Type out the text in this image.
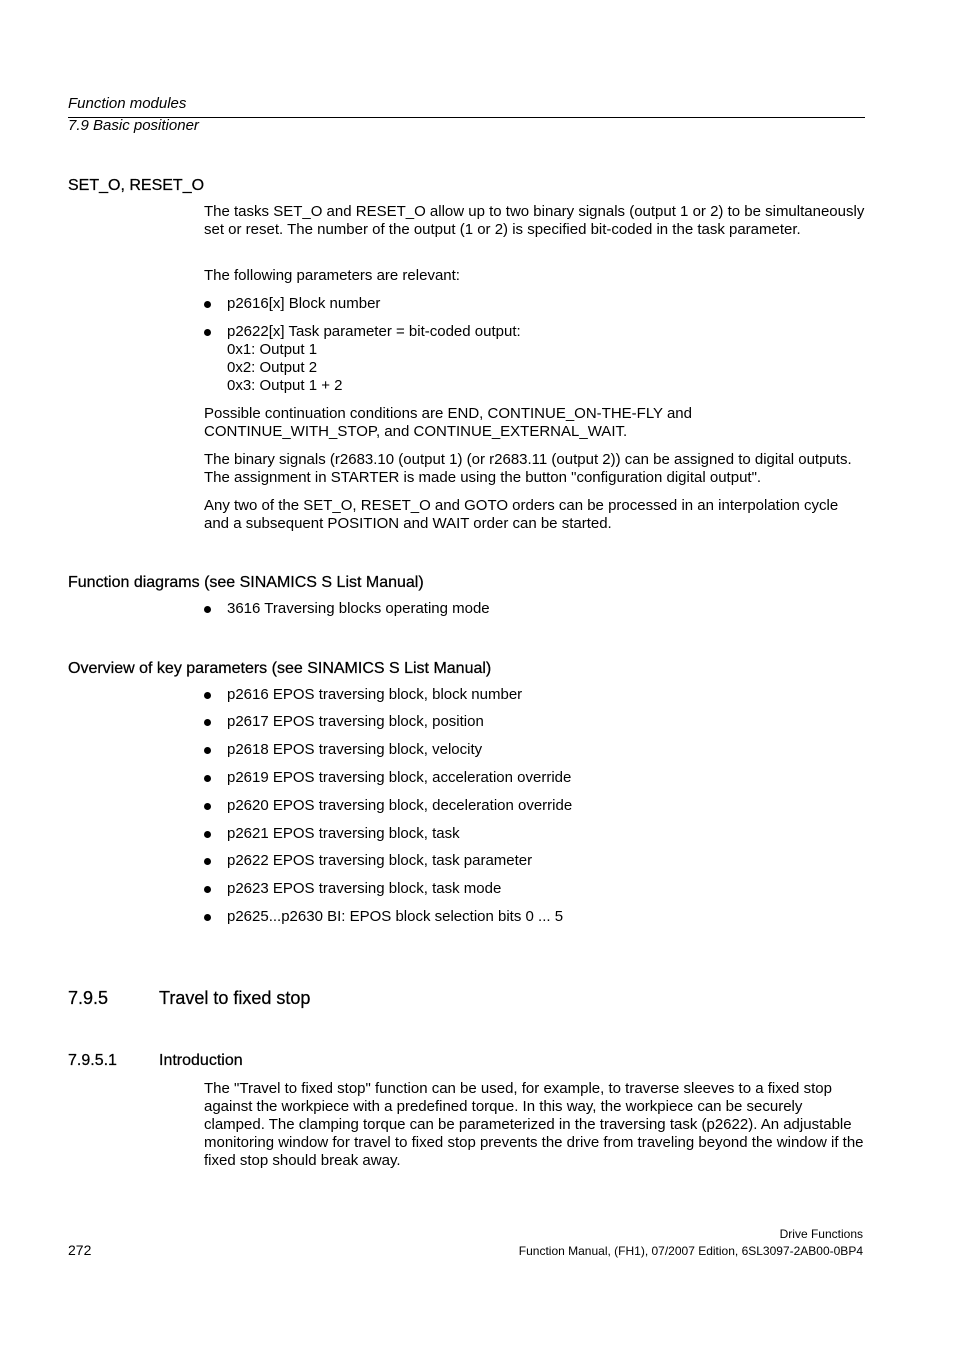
Function modules
7.9 Basic positioner
SET_O, RESET_O
The tasks SET_O and RESET_O allow up to two binary signals (output 1 or 2) to be simultaneously set or reset. The number of the output (1 or 2) is specified bit-coded in the task parameter.
The following parameters are relevant:
p2616[x] Block number
p2622[x] Task parameter = bit-coded output:
0x1: Output 1
0x2: Output 2
0x3: Output 1 + 2
Possible continuation conditions are END, CONTINUE_ON-THE-FLY and CONTINUE_WITH_STOP, and CONTINUE_EXTERNAL_WAIT.
The binary signals (r2683.10 (output 1) (or r2683.11 (output 2)) can be assigned to digital outputs. The assignment in STARTER is made using the button "configuration digital output".
Any two of the SET_O, RESET_O and GOTO orders can be processed in an interpolation cycle and a subsequent POSITION and WAIT order can be started.
Function diagrams (see SINAMICS S List Manual)
3616 Traversing blocks operating mode
Overview of key parameters (see SINAMICS S List Manual)
p2616 EPOS traversing block, block number
p2617 EPOS traversing block, position
p2618 EPOS traversing block, velocity
p2619 EPOS traversing block, acceleration override
p2620 EPOS traversing block, deceleration override
p2621 EPOS traversing block, task
p2622 EPOS traversing block, task parameter
p2623 EPOS traversing block, task mode
p2625...p2630 BI: EPOS block selection bits 0 ... 5
7.9.5	Travel to fixed stop
7.9.5.1	Introduction
The "Travel to fixed stop" function can be used, for example, to traverse sleeves to a fixed stop against the workpiece with a predefined torque. In this way, the workpiece can be securely clamped. The clamping torque can be parameterized in the traversing task (p2622). An adjustable monitoring window for travel to fixed stop prevents the drive from traveling beyond the window if the fixed stop should break away.
272
Drive Functions
Function Manual, (FH1), 07/2007 Edition, 6SL3097-2AB00-0BP4
